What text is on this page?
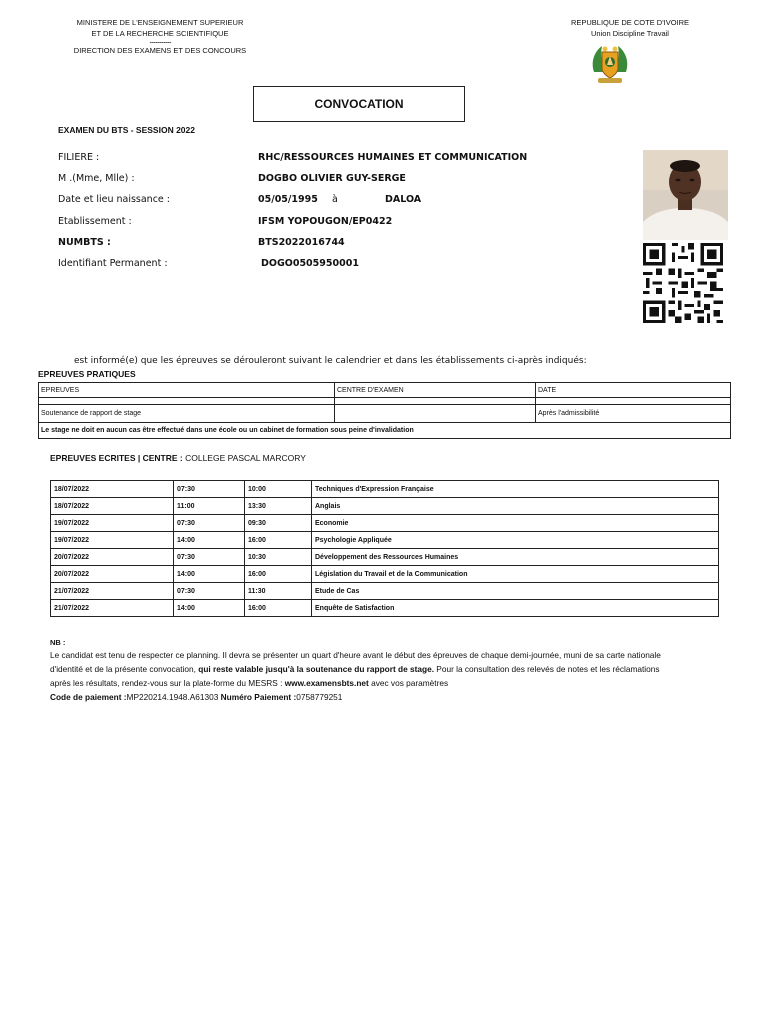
MINISTERE DE L'ENSEIGNEMENT SUPERIEUR
ET DE LA RECHERCHE SCIENTIFIQUE
................................
DIRECTION DES EXAMENS ET DES CONCOURS
REPUBLIQUE DE COTE D'IVOIRE
Union Discipline Travail
CONVOCATION
EXAMEN DU BTS - SESSION 2022
FILIERE :	RHC/RESSOURCES HUMAINES ET COMMUNICATION
M .(Mme, Mlle) :	DOGBO OLIVIER GUY-SERGE
Date et lieu naissance :	05/05/1995 à	DALOA
Etablissement :	IFSM YOPOUGON/EP0422
NUMBTS :	BTS2022016744
Identifiant Permanent :	DOGO0505950001
est informé(e) que les épreuves se dérouleront suivant le calendrier et dans les établissements ci-après indiqués:
EPREUVES PRATIQUES
EPREUVES	CENTRE D'EXAMEN	DATE

Soutenance de rapport de stage		Après l'admissibilité
Le stage ne doit en aucun cas être effectué dans une école ou un cabinet de formation sous peine d'invalidation		
EPREUVES ECRITES | CENTRE : COLLEGE PASCAL MARCORY
18/07/2022	07:30	10:00	Techniques d'Expression Française
18/07/2022	11:00	13:30	Anglais
19/07/2022	07:30	09:30	Economie
19/07/2022	14:00	16:00	Psychologie Appliquée
20/07/2022	07:30	10:30	Développement des Ressources Humaines
20/07/2022	14:00	16:00	Législation du Travail et de la Communication
21/07/2022	07:30	11:30	Etude de Cas
21/07/2022	14:00	16:00	Enquête de Satisfaction
NB :
Le candidat est tenu de respecter ce planning. Il devra se présenter un quart d'heure avant le début des épreuves de chaque demi-journée, muni de sa carte nationale d'identité et de la présente convocation, qui reste valable jusqu'à la soutenance du rapport de stage. Pour la consultation des relevés de notes et les réclamations après les résultats, rendez-vous sur la plate-forme du MESRS : www.examensbts.net avec vos paramètres
Code de paiement :MP220214.1948.A61303 Numéro Paiement :0758779251
